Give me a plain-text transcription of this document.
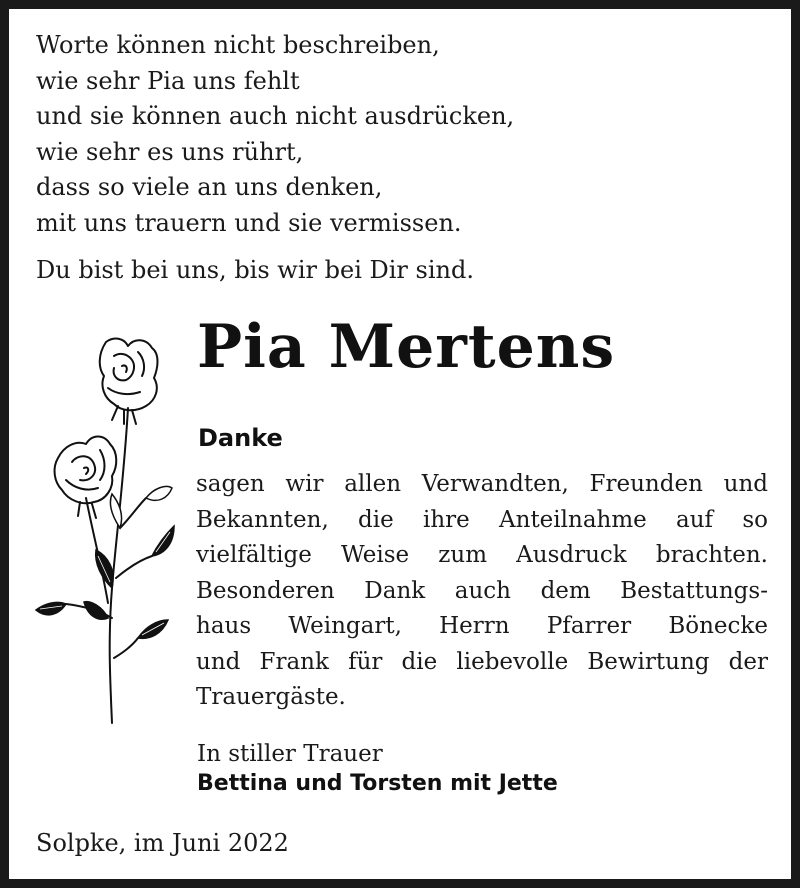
Worte können nicht beschreiben,
wie sehr Pia uns fehlt
und sie können auch nicht ausdrücken,
wie sehr es uns rührt,
dass so viele an uns denken,
mit uns trauern und sie vermissen.
Du bist bei uns, bis wir bei Dir sind.
Pia Mertens
Danke
sagen wir allen Verwandten, Freunden und
Bekannten, die ihre Anteilnahme auf so
vielfältige Weise zum Ausdruck brachten.
Besonderen Dank auch dem Bestattungs-
haus Weingart, Herrn Pfarrer Bönecke
und Frank für die liebevolle Bewirtung der
Trauergäste.
In stiller Trauer
Bettina und Torsten mit Jette
Solpke, im Juni 2022
